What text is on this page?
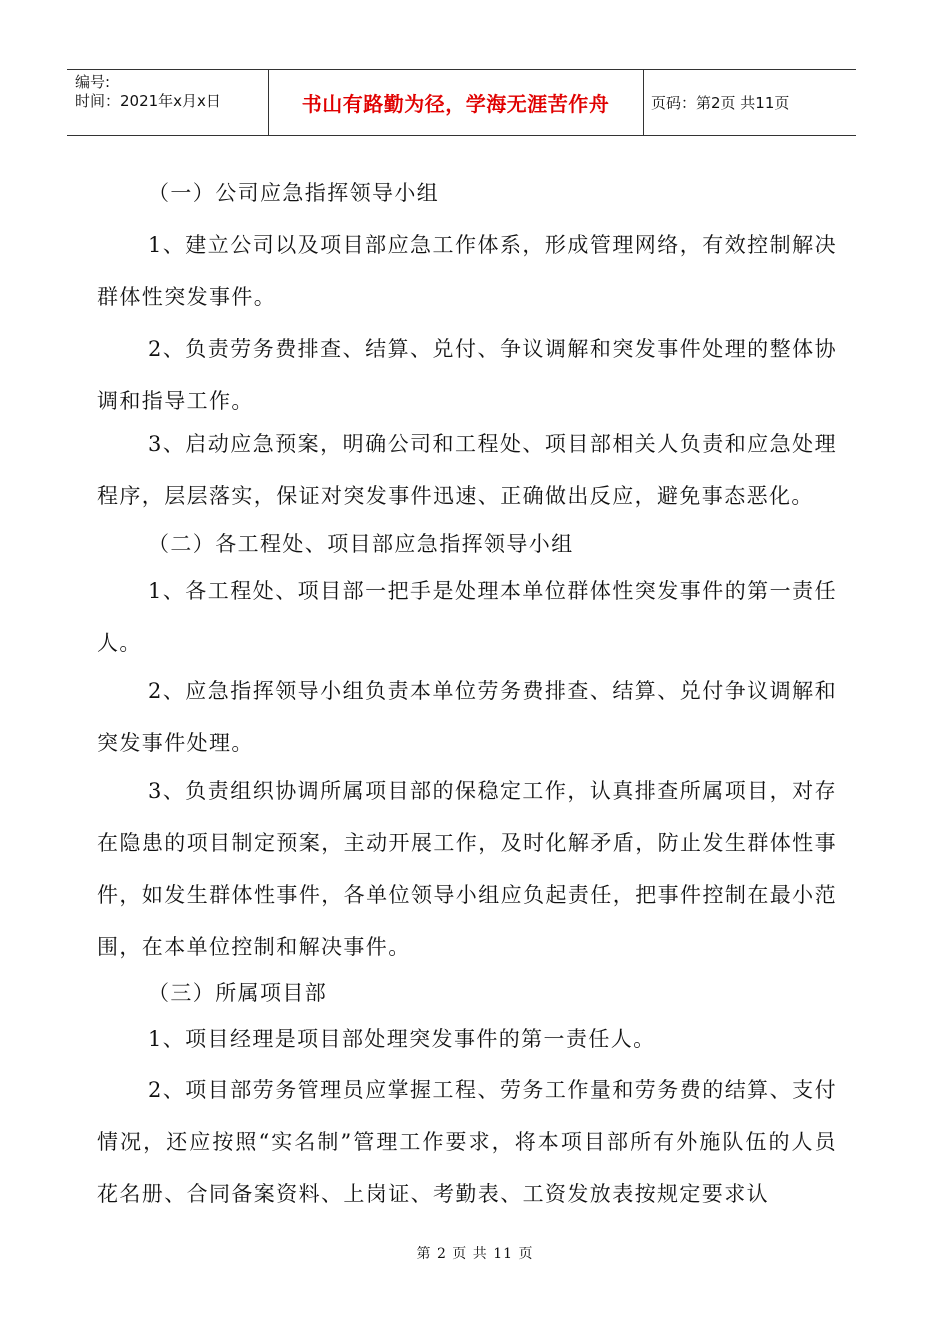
编号:
时间：2021年x月x日	书山有路勤为径，学海无涯苦作舟	页码：第2页 共11页
（一）公司应急指挥领导小组

1、建立公司以及项目部应急工作体系，形成管理网络，有效控制解决群体性突发事件。

2、负责劳务费排查、结算、兑付、争议调解和突发事件处理的整体协调和指导工作。

3、启动应急预案，明确公司和工程处、项目部相关人负责和应急处理程序，层层落实，保证对突发事件迅速、正确做出反应，避免事态恶化。

（二）各工程处、项目部应急指挥领导小组

1、各工程处、项目部一把手是处理本单位群体性突发事件的第一责任人。

2、应急指挥领导小组负责本单位劳务费排查、结算、兑付争议调解和突发事件处理。

3、负责组织协调所属项目部的保稳定工作，认真排查所属项目，对存在隐患的项目制定预案，主动开展工作，及时化解矛盾，防止发生群体性事件，如发生群体性事件，各单位领导小组应负起责任，把事件控制在最小范围，在本单位控制和解决事件。

（三）所属项目部

1、项目经理是项目部处理突发事件的第一责任人。

2、项目部劳务管理员应掌握工程、劳务工作量和劳务费的结算、支付情况，还应按照“实名制”管理工作要求，将本项目部所有外施队伍的人员花名册、合同备案资料、上岗证、考勤表、工资发放表按规定要求认

第 2 页 共 11 页
